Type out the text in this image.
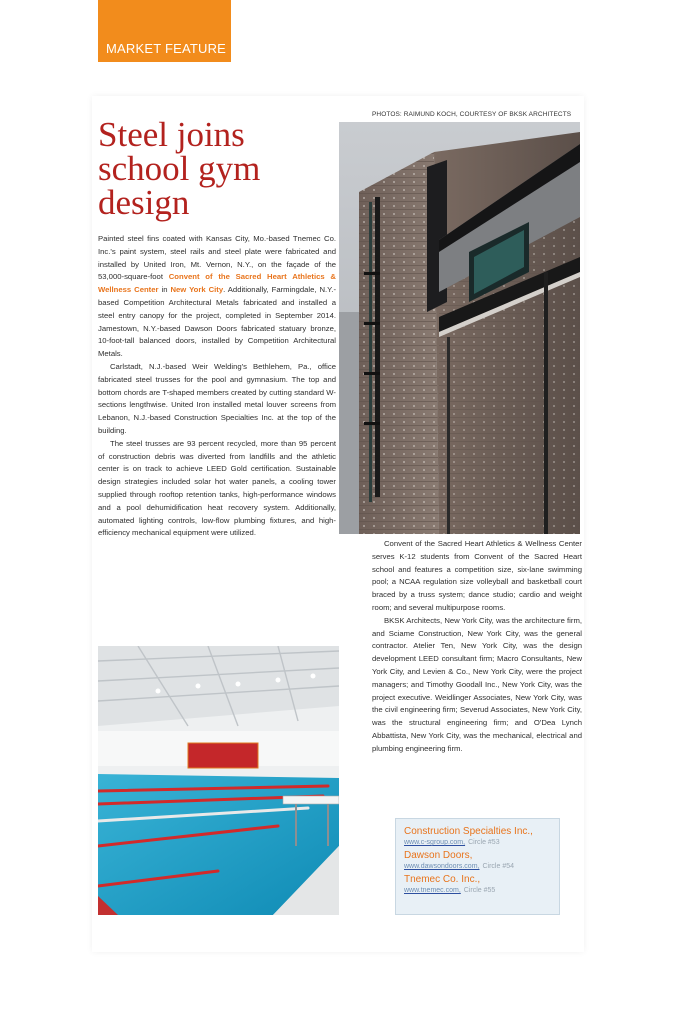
MARKET FEATURE
PHOTOS: RAIMUND KOCH, COURTESY OF BKSK ARCHITECTS
Steel joins school gym design

Painted steel fins coated with Kansas City, Mo.-based Tnemec Co. Inc.'s paint system, steel rails and steel plate were fabricated and installed by United Iron, Mt. Vernon, N.Y., on the façade of the 53,000-square-foot Convent of the Sacred Heart Athletics & Wellness Center in New York City. Additionally, Farmingdale, N.Y.-based Competition Architectural Metals fabricated and installed a steel entry canopy for the project, completed in September 2014. Jamestown, N.Y.-based Dawson Doors fabricated statuary bronze, 10-foot-tall balanced doors, installed by Competition Architectural Metals.

Carlstadt, N.J.-based Weir Welding's Bethlehem, Pa., office fabricated steel trusses for the pool and gymnasium. The top and bottom chords are T-shaped members created by cutting standard W-sections lengthwise. United Iron installed metal louver screens from Lebanon, N.J.-based Construction Specialties Inc. at the top of the building.

The steel trusses are 93 percent recycled, more than 95 percent of construction debris was diverted from landfills and the athletic center is on track to achieve LEED Gold certification. Sustainable design strategies included solar hot water panels, a cooling tower supplied through rooftop retention tanks, high-performance windows and a pool dehumidification heat recovery system. Additionally, automated lighting controls, low-flow plumbing fixtures, and high-efficiency mechanical equipment were utilized.

Convent of the Sacred Heart Athletics & Wellness Center serves K-12 students from Convent of the Sacred Heart school and features a competition size, six-lane swimming pool; a NCAA regulation size volleyball and basketball court braced by a truss system; dance studio; cardio and weight room; and several multipurpose rooms.

BKSK Architects, New York City, was the architecture firm, and Sciame Construction, New York City, was the general contractor. Atelier Ten, New York City, was the design development LEED consultant firm; Macro Consultants, New York City, and Levien & Co., New York City, were the project managers; and Timothy Goodall Inc., New York City, was the project executive. Weidlinger Associates, New York City, was the civil engineering firm; Severud Associates, New York City, was the structural engineering firm; and O'Dea Lynch Abbattista, New York City, was the mechanical, electrical and plumbing engineering firm.

Construction Specialties Inc.,
www.c-sgroup.com, Circle #53
Dawson Doors,
www.dawsondoors.com, Circle #54
Tnemec Co. Inc.,
www.tnemec.com, Circle #55
